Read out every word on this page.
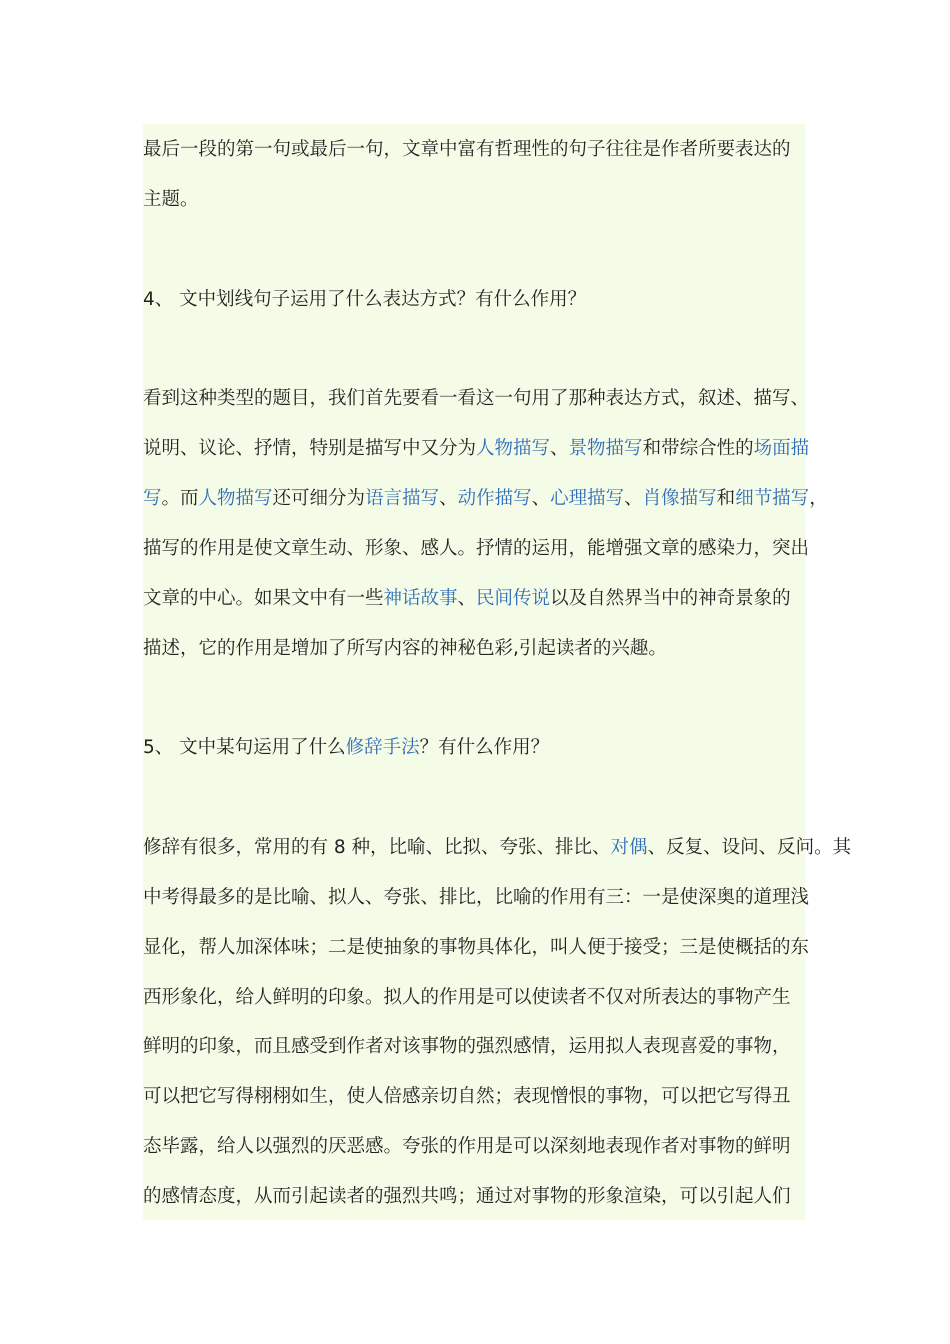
最后一段的第一句或最后一句，文章中富有哲理性的句子往往是作者所要表达的
主题。
4、 文中划线句子运用了什么表达方式？有什么作用？
看到这种类型的题目，我们首先要看一看这一句用了那种表达方式，叙述、描写、
说明、议论、抒情，特别是描写中又分为人物描写、景物描写和带综合性的场面描
写。而人物描写还可细分为语言描写、动作描写、心理描写、肖像描写和细节描写，
描写的作用是使文章生动、形象、感人。抒情的运用，能增强文章的感染力，突出
文章的中心。如果文中有一些神话故事、民间传说以及自然界当中的神奇景象的
描述，它的作用是增加了所写内容的神秘色彩,引起读者的兴趣。
5、 文中某句运用了什么修辞手法？有什么作用？
修辞有很多，常用的有 8 种，比喻、比拟、夸张、排比、对偶、反复、设问、反问。其
中考得最多的是比喻、拟人、夸张、排比，比喻的作用有三：一是使深奥的道理浅
显化，帮人加深体味；二是使抽象的事物具体化，叫人便于接受；三是使概括的东
西形象化，给人鲜明的印象。拟人的作用是可以使读者不仅对所表达的事物产生
鲜明的印象，而且感受到作者对该事物的强烈感情，运用拟人表现喜爱的事物，
可以把它写得栩栩如生，使人倍感亲切自然；表现憎恨的事物，可以把它写得丑
态毕露，给人以强烈的厌恶感。夸张的作用是可以深刻地表现作者对事物的鲜明
的感情态度，从而引起读者的强烈共鸣；通过对事物的形象渲染，可以引起人们
